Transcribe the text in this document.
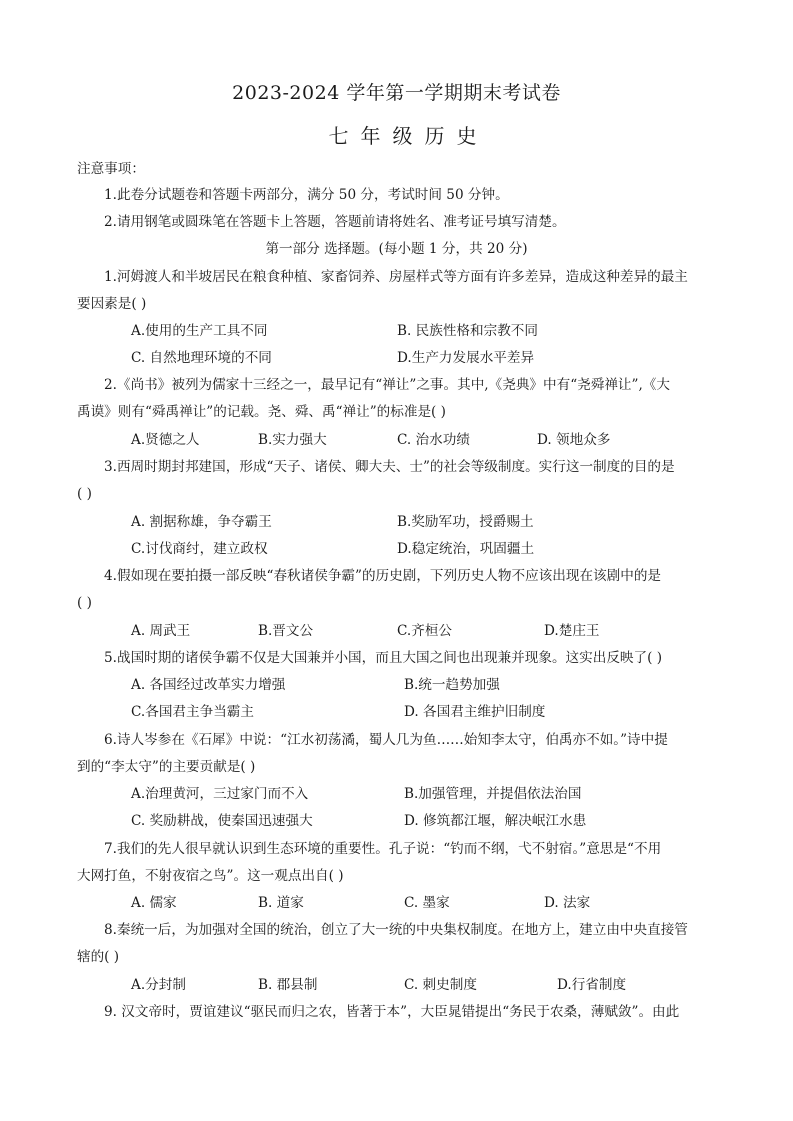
2023-2024 学年第一学期期末考试卷
七年级历史
注意事项：
1.此卷分试题卷和答题卡两部分，满分 50 分，考试时间 50 分钟。
2.请用钢笔或圆珠笔在答题卡上答题，答题前请将姓名、准考证号填写清楚。
第一部分 选择题。(每小题 1 分，共 20 分)
1.河姆渡人和半坡居民在粮食种植、家畜饲养、房屋样式等方面有许多差异，造成这种差异的最主
要因素是( )
A.使用的生产工具不同	B. 民族性格和宗教不同
C. 自然地理环境的不同	D.生产力发展水平差异
2.《尚书》被列为儒家十三经之一，最早记有“禅让”之事。其中,《尧典》中有“尧舜禅让”,《大
禹谟》则有“舜禹禅让”的记载。尧、舜、禹“禅让”的标准是( )
A.贤德之人	B.实力强大	C. 治水功绩	D. 领地众多
3.西周时期封邦建国，形成“天子、诸侯、卿大夫、士”的社会等级制度。实行这一制度的目的是
( )
A. 割据称雄，争夺霸王	B.奖励军功，授爵赐土
C.讨伐商纣，建立政权	D.稳定统治，巩固疆土
4.假如现在要拍摄一部反映“春秋诸侯争霸”的历史剧，下列历史人物不应该出现在该剧中的是
( )
A. 周武王	B.晋文公	C.齐桓公	D.楚庄王
5.战国时期的诸侯争霸不仅是大国兼并小国，而且大国之间也出现兼并现象。这实出反映了( )
A. 各国经过改革实力增强	B.统一趋势加强
C.各国君主争当霸主	D. 各国君主维护旧制度
6.诗人岑参在《石犀》中说：“江水初荡潏，蜀人几为鱼……始知李太守，伯禹亦不如。”诗中提
到的“李太守”的主要贡献是( )
A.治理黄河，三过家门而不入	B.加强管理，并提倡依法治国
C. 奖励耕战，使秦国迅速强大	D. 修筑都江堰，解决岷江水患
7.我们的先人很早就认识到生态环境的重要性。孔子说：“钓而不纲，弋不射宿。”意思是“不用
大网打鱼，不射夜宿之鸟”。这一观点出自( )
A. 儒家	B. 道家	C. 墨家	D. 法家
8.秦统一后，为加强对全国的统治，创立了大一统的中央集权制度。在地方上，建立由中央直接管
辖的( )
A.分封制	B. 郡县制	C. 刺史制度	D.行省制度
9. 汉文帝时，贾谊建议“驱民而归之农，皆著于本”，大臣晁错提出“务民于农桑，薄赋敛”。由此
